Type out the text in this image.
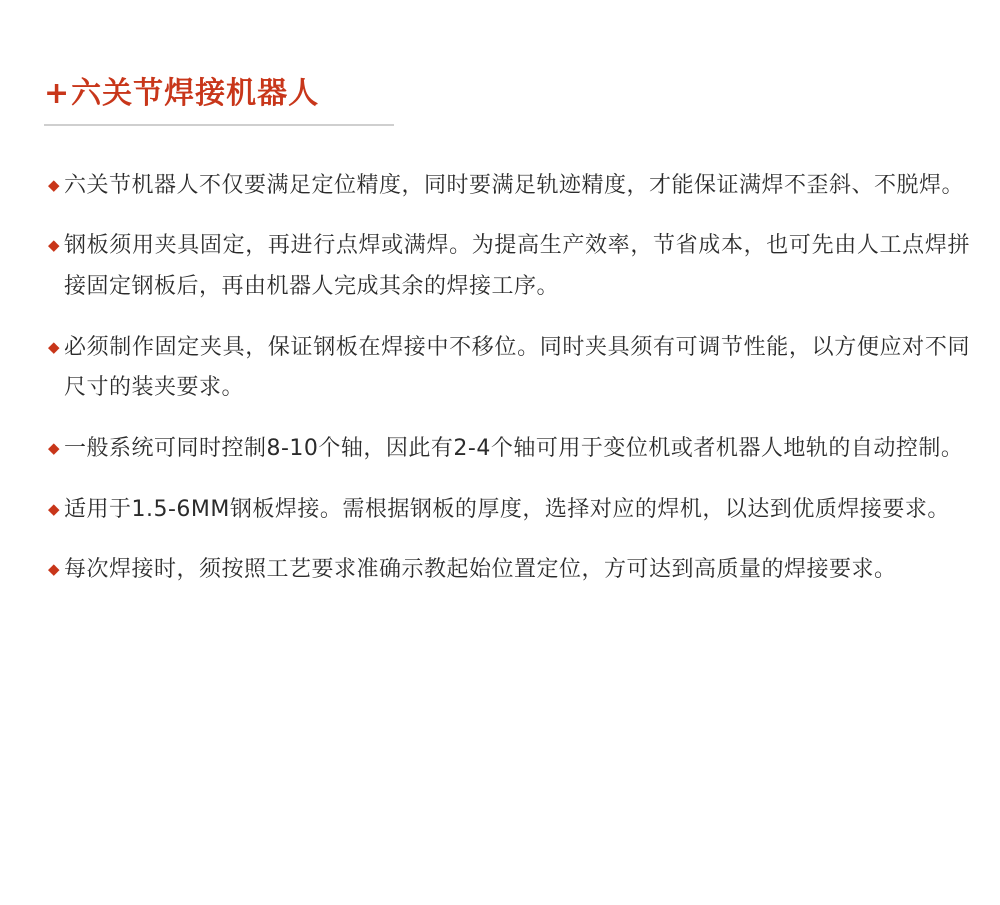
+ 六关节焊接机器人
◆ 六关节机器人不仅要满足定位精度，同时要满足轨迹精度，才能保证满焊不歪斜、不脱焊。
◆ 钢板须用夹具固定，再进行点焊或满焊。为提高生产效率，节省成本，也可先由人工点焊拼接固定钢板后，再由机器人完成其余的焊接工序。
◆ 必须制作固定夹具，保证钢板在焊接中不移位。同时夹具须有可调节性能，以方便应对不同尺寸的装夹要求。
◆ 一般系统可同时控制8-10个轴，因此有2-4个轴可用于变位机或者机器人地轨的自动控制。
◆ 适用于1.5-6MM钢板焊接。需根据钢板的厚度，选择对应的焊机，以达到优质焊接要求。
◆ 每次焊接时，须按照工艺要求准确示教起始位置定位，方可达到高质量的焊接要求。
